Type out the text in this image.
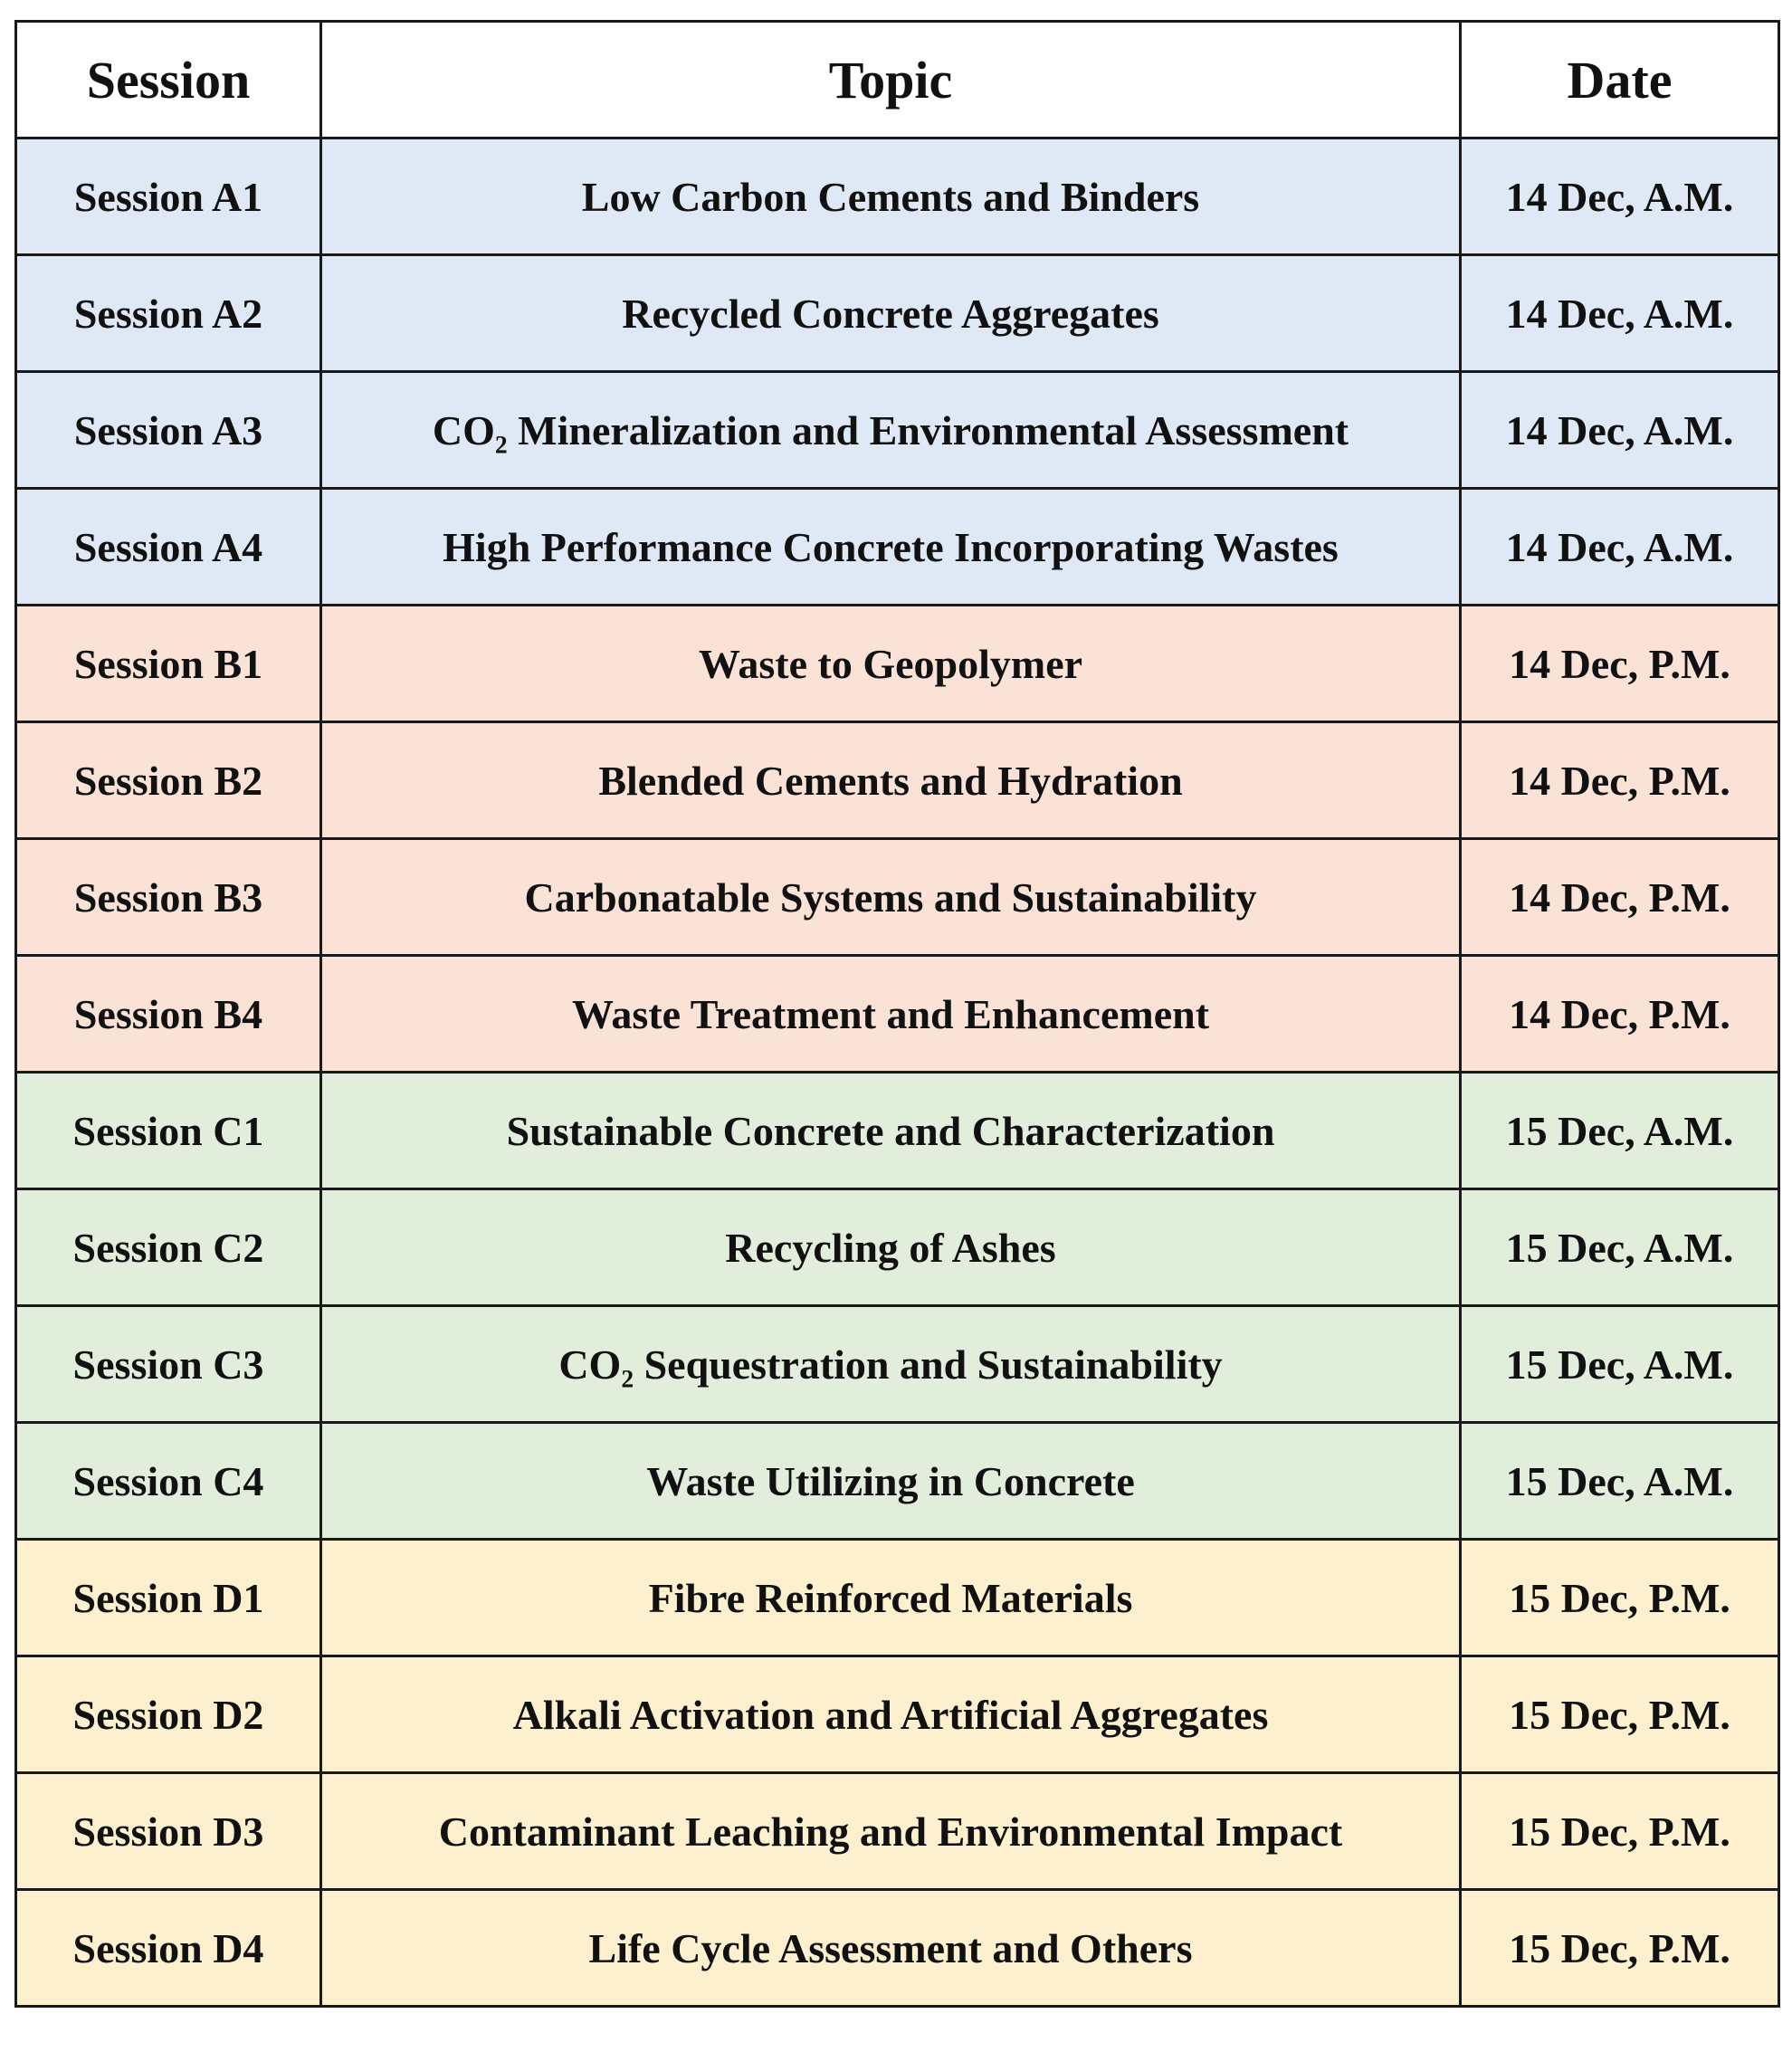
Session	Topic	Date
Session A1	Low Carbon Cements and Binders	14 Dec, A.M.
Session A2	Recycled Concrete Aggregates	14 Dec, A.M.
Session A3	CO₂ Mineralization and Environmental Assessment	14 Dec, A.M.
Session A4	High Performance Concrete Incorporating Wastes	14 Dec, A.M.
Session B1	Waste to Geopolymer	14 Dec, P.M.
Session B2	Blended Cements and Hydration	14 Dec, P.M.
Session B3	Carbonatable Systems and Sustainability	14 Dec, P.M.
Session B4	Waste Treatment and Enhancement	14 Dec, P.M.
Session C1	Sustainable Concrete and Characterization	15 Dec, A.M.
Session C2	Recycling of Ashes	15 Dec, A.M.
Session C3	CO₂ Sequestration and Sustainability	15 Dec, A.M.
Session C4	Waste Utilizing in Concrete	15 Dec, A.M.
Session D1	Fibre Reinforced Materials	15 Dec, P.M.
Session D2	Alkali Activation and Artificial Aggregates	15 Dec, P.M.
Session D3	Contaminant Leaching and Environmental Impact	15 Dec, P.M.
Session D4	Life Cycle Assessment and Others	15 Dec, P.M.
